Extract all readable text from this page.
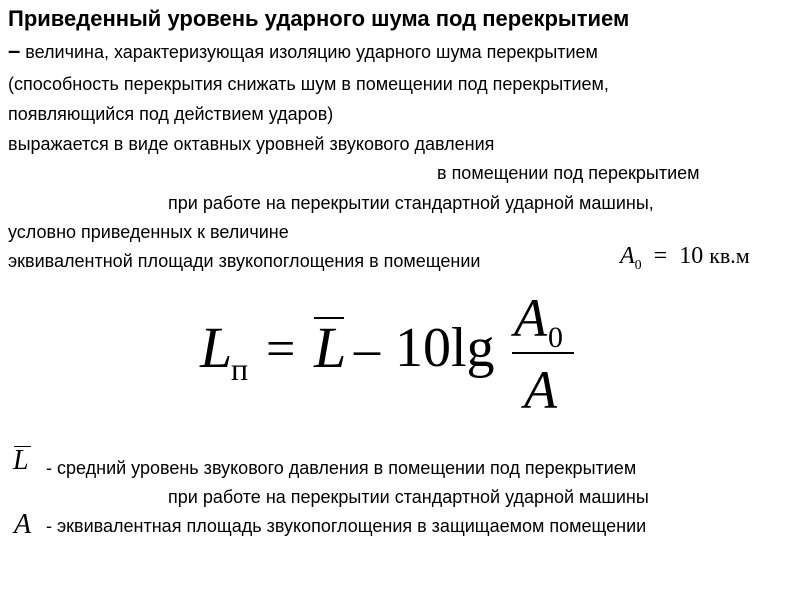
Приведенный уровень ударного шума под перекрытием
– величина, характеризующая изоляцию ударного шума перекрытием
(способность перекрытия снижать шум в помещении под перекрытием,
появляющийся под действием ударов)
выражается в виде октавных уровней звукового давления
в помещении под перекрытием
при работе на перекрытии стандартной ударной машины,
условно приведенных к величине
эквивалентной площади звукопоглощения в помещении	$A_0 = 10$ кв.м
L
п = L – 10lg A 0
A
L - средний уровень звукового давления в помещении под перекрытием
при работе на перекрытии стандартной ударной машины
A - эквивалентная площадь звукопоглощения в защищаемом помещении
